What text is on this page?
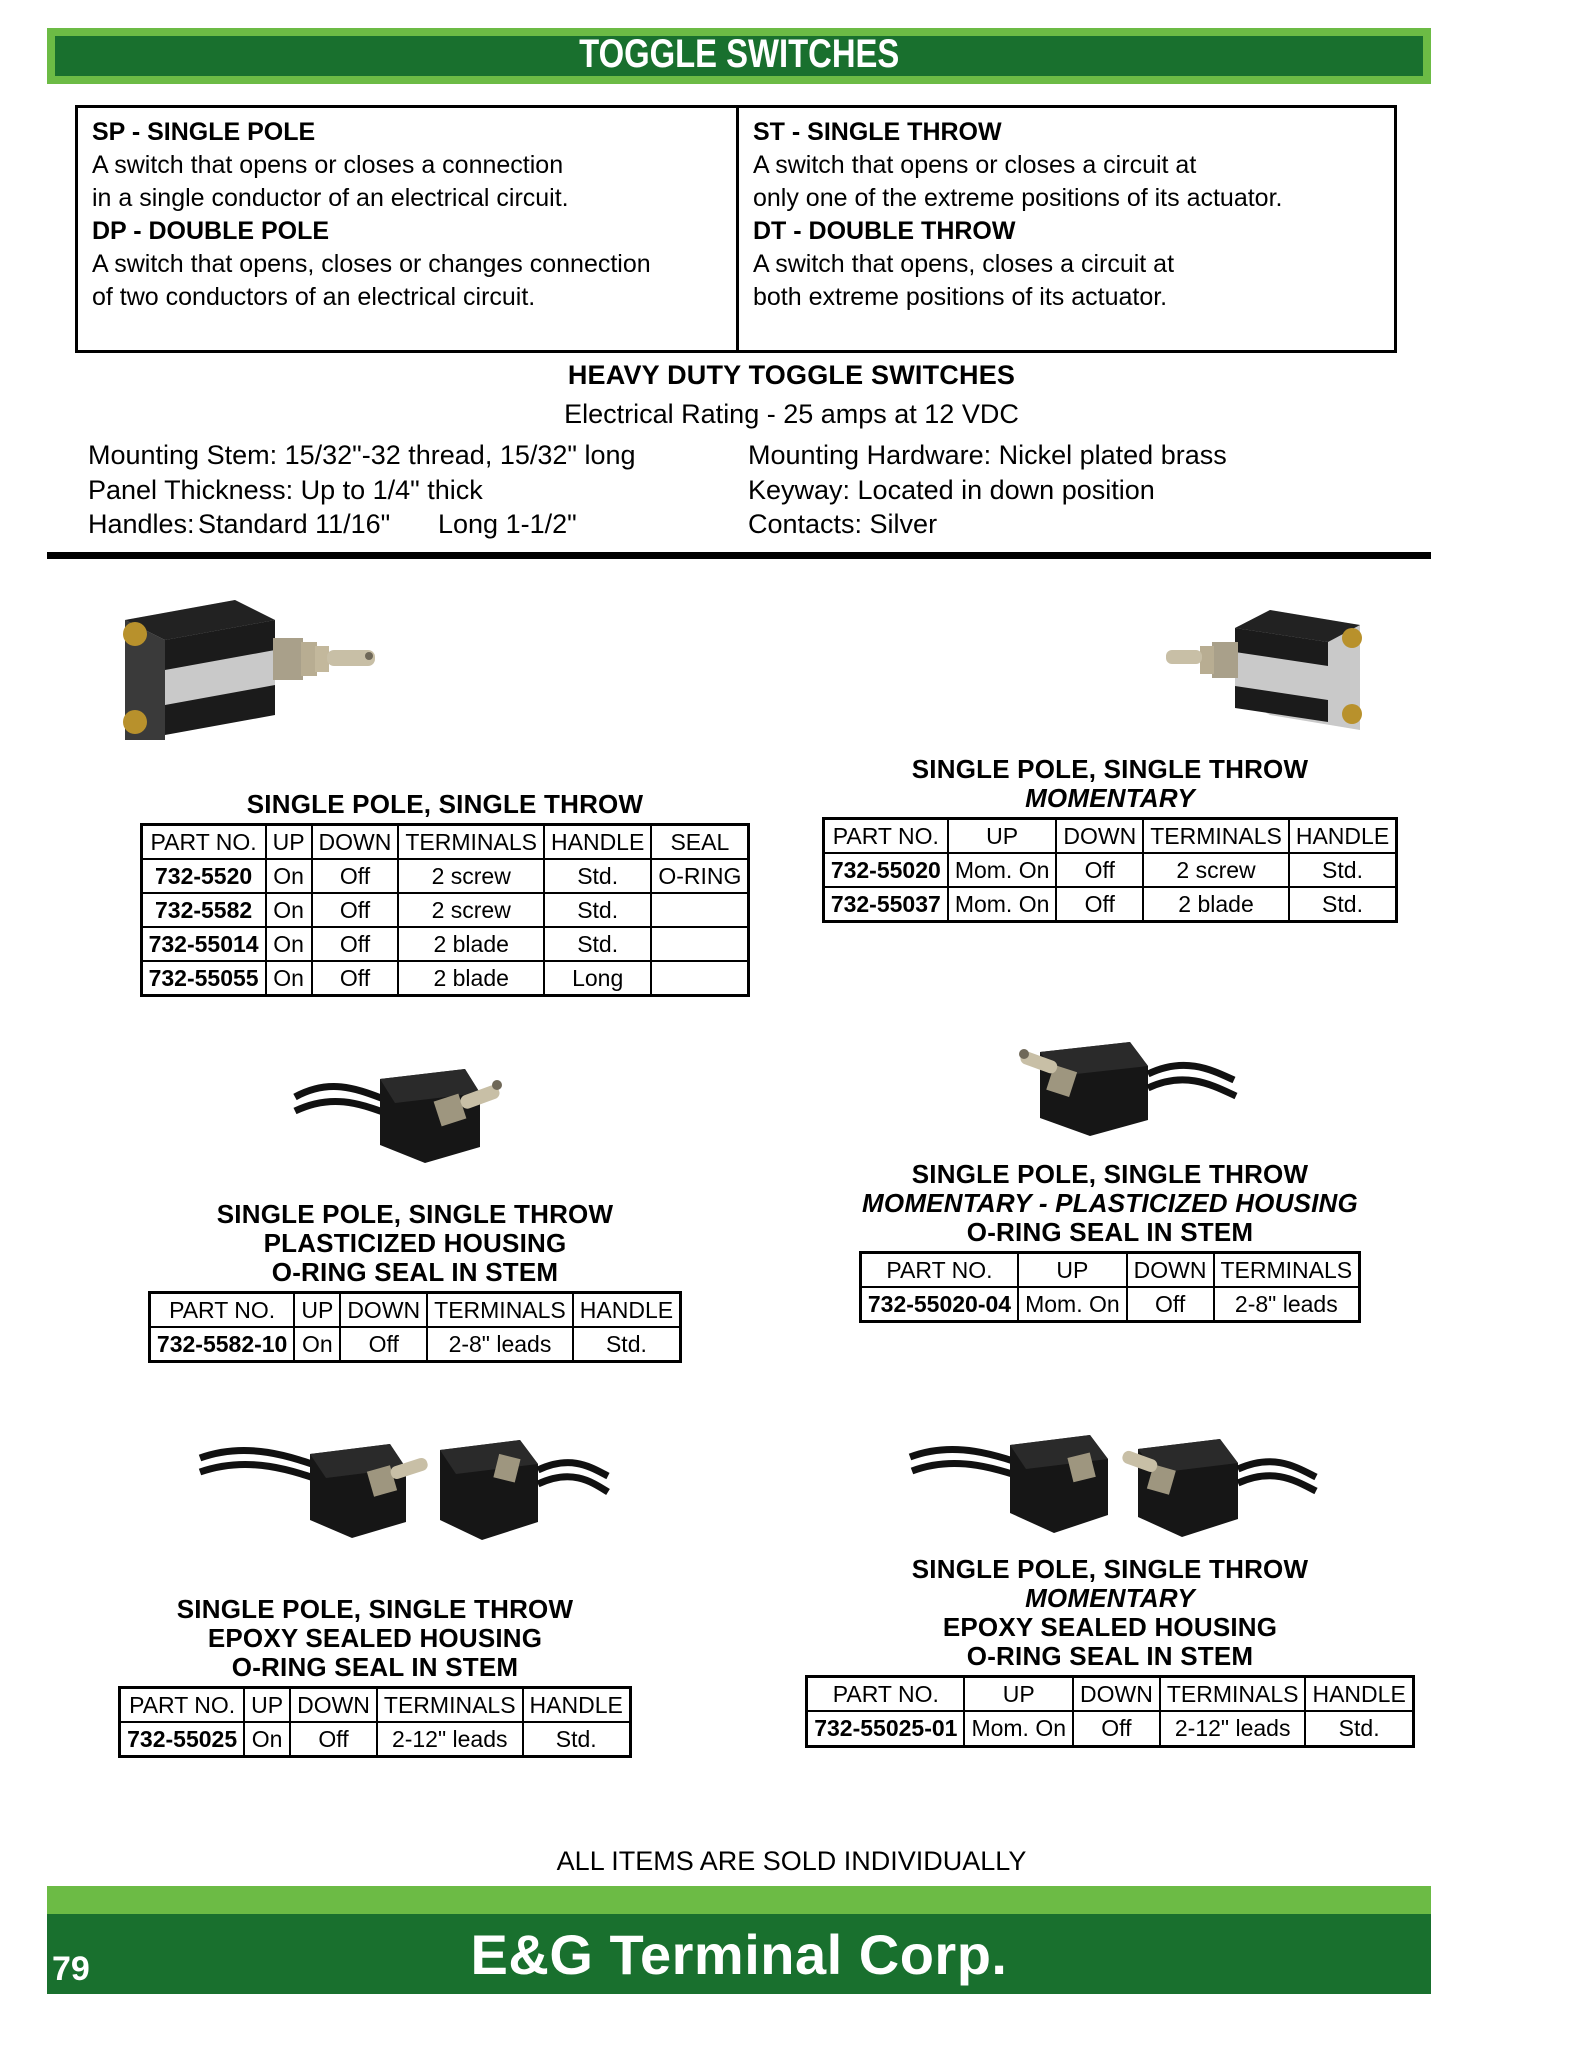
TOGGLE SWITCHES
SP - SINGLE POLE
A switch that opens or closes a connection
in a single conductor of an electrical circuit.
DP - DOUBLE POLE
A switch that opens, closes or changes connection
of two conductors of an electrical circuit.
ST - SINGLE THROW
A switch that opens or closes a circuit at
only one of the extreme positions of its actuator.
DT - DOUBLE THROW
A switch that opens, closes a circuit at
both extreme positions of its actuator.
HEAVY DUTY TOGGLE SWITCHES
Electrical Rating - 25 amps at 12 VDC
Mounting Stem: 15/32"-32 thread, 15/32" long	Mounting Hardware: Nickel plated brass
Panel Thickness: Up to 1/4" thick	Keyway: Located in down position
Handles: Standard 11/16" Long 1-1/2"	Contacts: Silver
SINGLE POLE, SINGLE THROW
PART NO.	UP	DOWN	TERMINALS	HANDLE	SEAL
732-5520	On	Off	2 screw	Std.	O-RING
732-5582	On	Off	2 screw	Std.	
732-55014	On	Off	2 blade	Std.	
732-55055	On	Off	2 blade	Long	
SINGLE POLE, SINGLE THROW
MOMENTARY
PART NO.	UP	DOWN	TERMINALS	HANDLE
732-55020	Mom. On	Off	2 screw	Std.
732-55037	Mom. On	Off	2 blade	Std.
SINGLE POLE, SINGLE THROW
PLASTICIZED HOUSING
O-RING SEAL IN STEM
PART NO.	UP	DOWN	TERMINALS	HANDLE
732-5582-10	On	Off	2-8" leads	Std.
SINGLE POLE, SINGLE THROW
MOMENTARY - PLASTICIZED HOUSING
O-RING SEAL IN STEM
PART NO.	UP	DOWN	TERMINALS
732-55020-04	Mom. On	Off	2-8" leads
SINGLE POLE, SINGLE THROW
EPOXY SEALED HOUSING
O-RING SEAL IN STEM
PART NO.	UP	DOWN	TERMINALS	HANDLE
732-55025	On	Off	2-12" leads	Std.
SINGLE POLE, SINGLE THROW
MOMENTARY
EPOXY SEALED HOUSING
O-RING SEAL IN STEM
PART NO.	UP	DOWN	TERMINALS	HANDLE
732-55025-01	Mom. On	Off	2-12" leads	Std.
ALL ITEMS ARE SOLD INDIVIDUALLY
E&G Terminal Corp.
79
